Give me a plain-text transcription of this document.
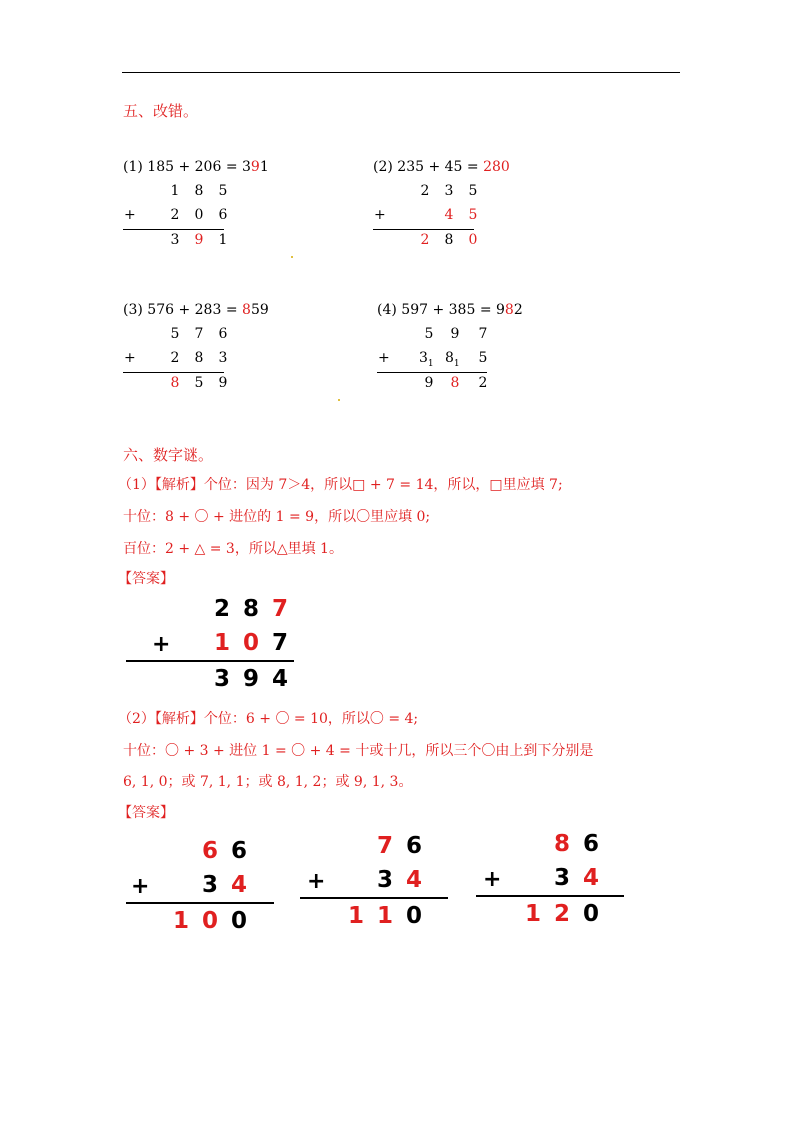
五、改错。
(1) 185 + 206 = 391
1 8 5
+ 2 0 6
3 9 1
(2) 235 + 45 = 280
2 3 5
+	4 5
2 8 0
(3) 576 + 283 = 859
5 7 6
+ 2 8 3
8 5 9
(4) 597 + 385 = 982
5 9 7
+ $3_1$ $8_1$ 5
9 8 2
六、数字谜。
（1）【解析】个位：因为 7＞4，所以□ + 7 = 14，所以，□里应填 7;
十位：8 + 〇 + 进位的 1 = 9，所以〇里应填 0;
百位：2 + △ = 3，所以△里填 1。
【答案】
2 8 7
+ 1 0 7
3 9 4
（2）【解析】个位：6 + 〇 = 10，所以〇 = 4;
十位：〇 + 3 + 进位 1 = 〇 + 4 = 十或十几，所以三个〇由上到下分别是
6, 1, 0；或 7, 1, 1；或 8, 1, 2；或 9, 1, 3。
【答案】
6 6
+ 3 4
1 0 0
7 6
+ 3 4
1 1 0
8 6
+ 3 4
1 2 0
